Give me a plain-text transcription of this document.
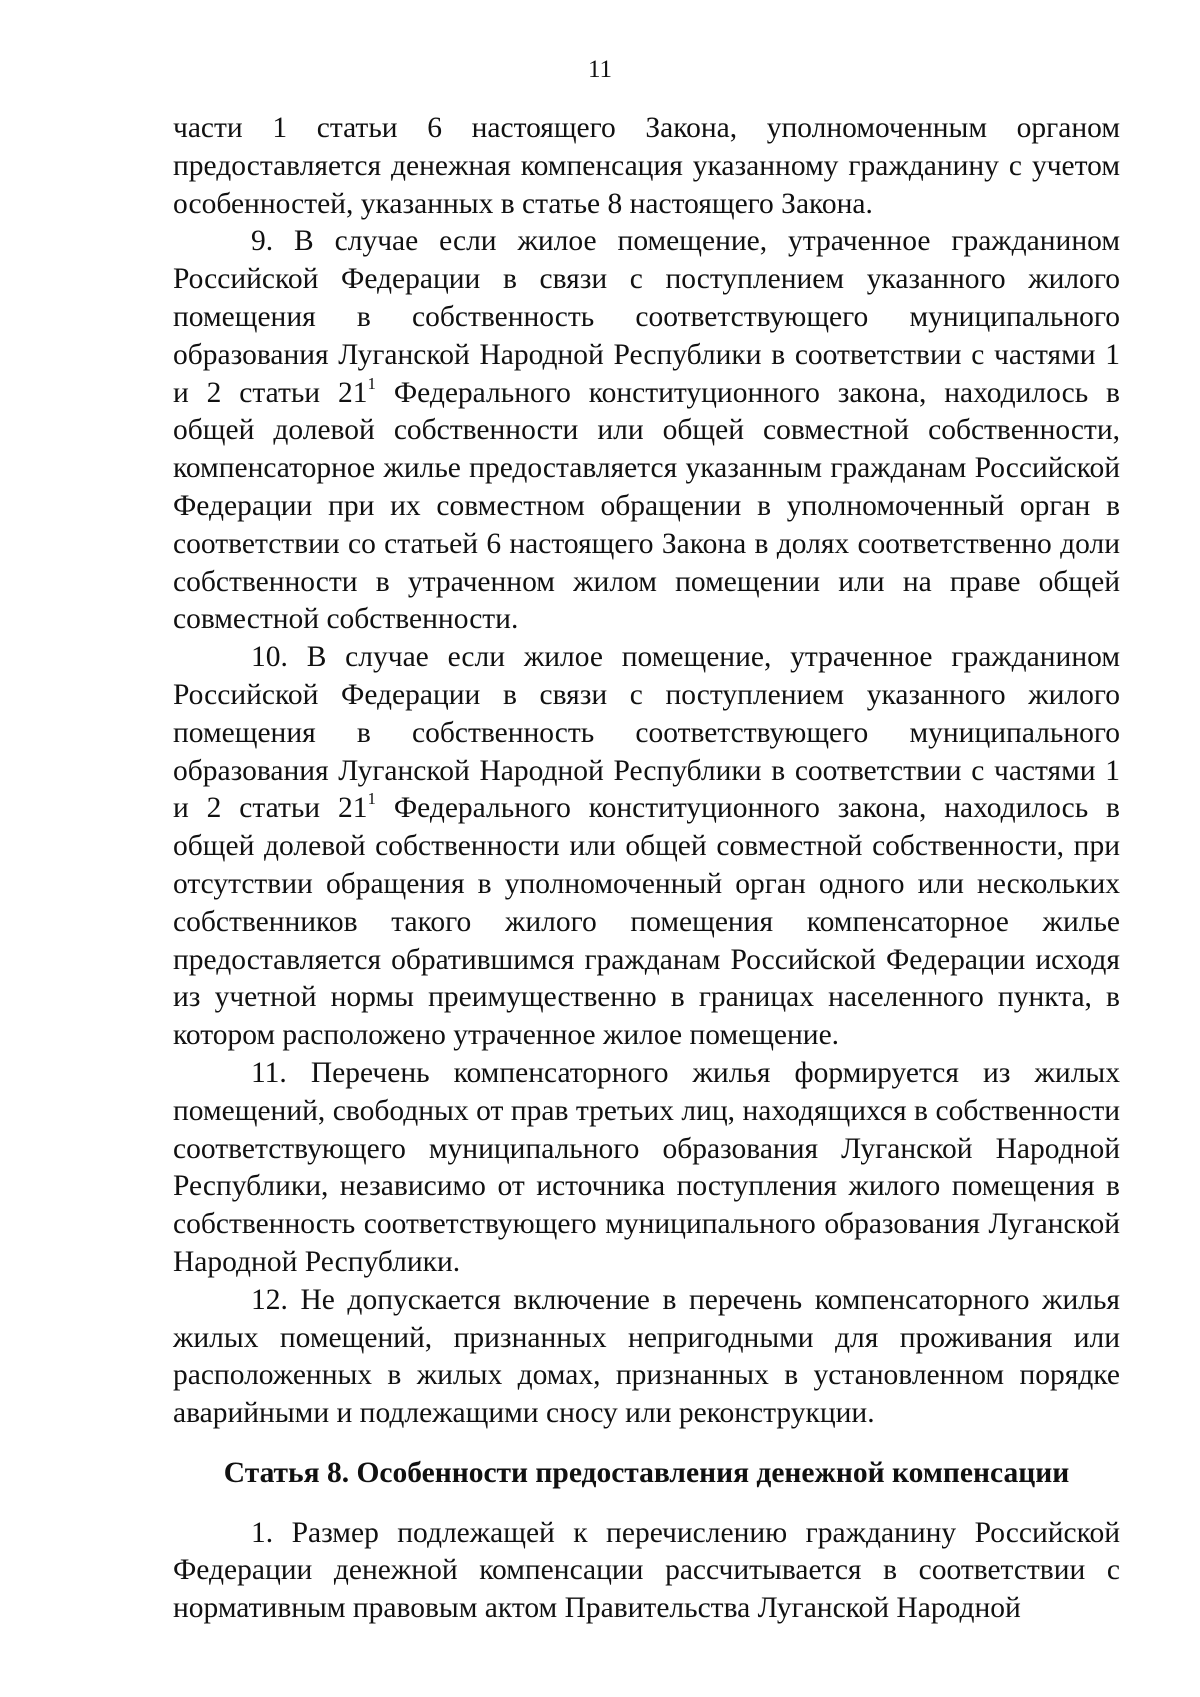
11

части 1 статьи 6 настоящего Закона, уполномоченным органом предоставляется денежная компенсация указанному гражданину с учетом особенностей, указанных в статье 8 настоящего Закона.

9. В случае если жилое помещение, утраченное гражданином Российской Федерации в связи с поступлением указанного жилого помещения в собственность соответствующего муниципального образования Луганской Народной Республики в соответствии с частями 1 и 2 статьи $21^1$ Федерального конституционного закона, находилось в общей долевой собственности или общей совместной собственности, компенсаторное жилье предоставляется указанным гражданам Российской Федерации при их совместном обращении в уполномоченный орган в соответствии со статьей 6 настоящего Закона в долях соответственно доли собственности в утраченном жилом помещении или на праве общей совместной собственности.

10. В случае если жилое помещение, утраченное гражданином Российской Федерации в связи с поступлением указанного жилого помещения в собственность соответствующего муниципального образования Луганской Народной Республики в соответствии с частями 1 и 2 статьи $21^1$ Федерального конституционного закона, находилось в общей долевой собственности или общей совместной собственности, при отсутствии обращения в уполномоченный орган одного или нескольких собственников такого жилого помещения компенсаторное жилье предоставляется обратившимся гражданам Российской Федерации исходя из учетной нормы преимущественно в границах населенного пункта, в котором расположено утраченное жилое помещение.

11. Перечень компенсаторного жилья формируется из жилых помещений, свободных от прав третьих лиц, находящихся в собственности соответствующего муниципального образования Луганской Народной Республики, независимо от источника поступления жилого помещения в собственность соответствующего муниципального образования Луганской Народной Республики.

12. Не допускается включение в перечень компенсаторного жилья жилых помещений, признанных непригодными для проживания или расположенных в жилых домах, признанных в установленном порядке аварийными и подлежащими сносу или реконструкции.

Статья 8. Особенности предоставления денежной компенсации

1. Размер подлежащей к перечислению гражданину Российской Федерации денежной компенсации рассчитывается в соответствии с нормативным правовым актом Правительства Луганской Народной
